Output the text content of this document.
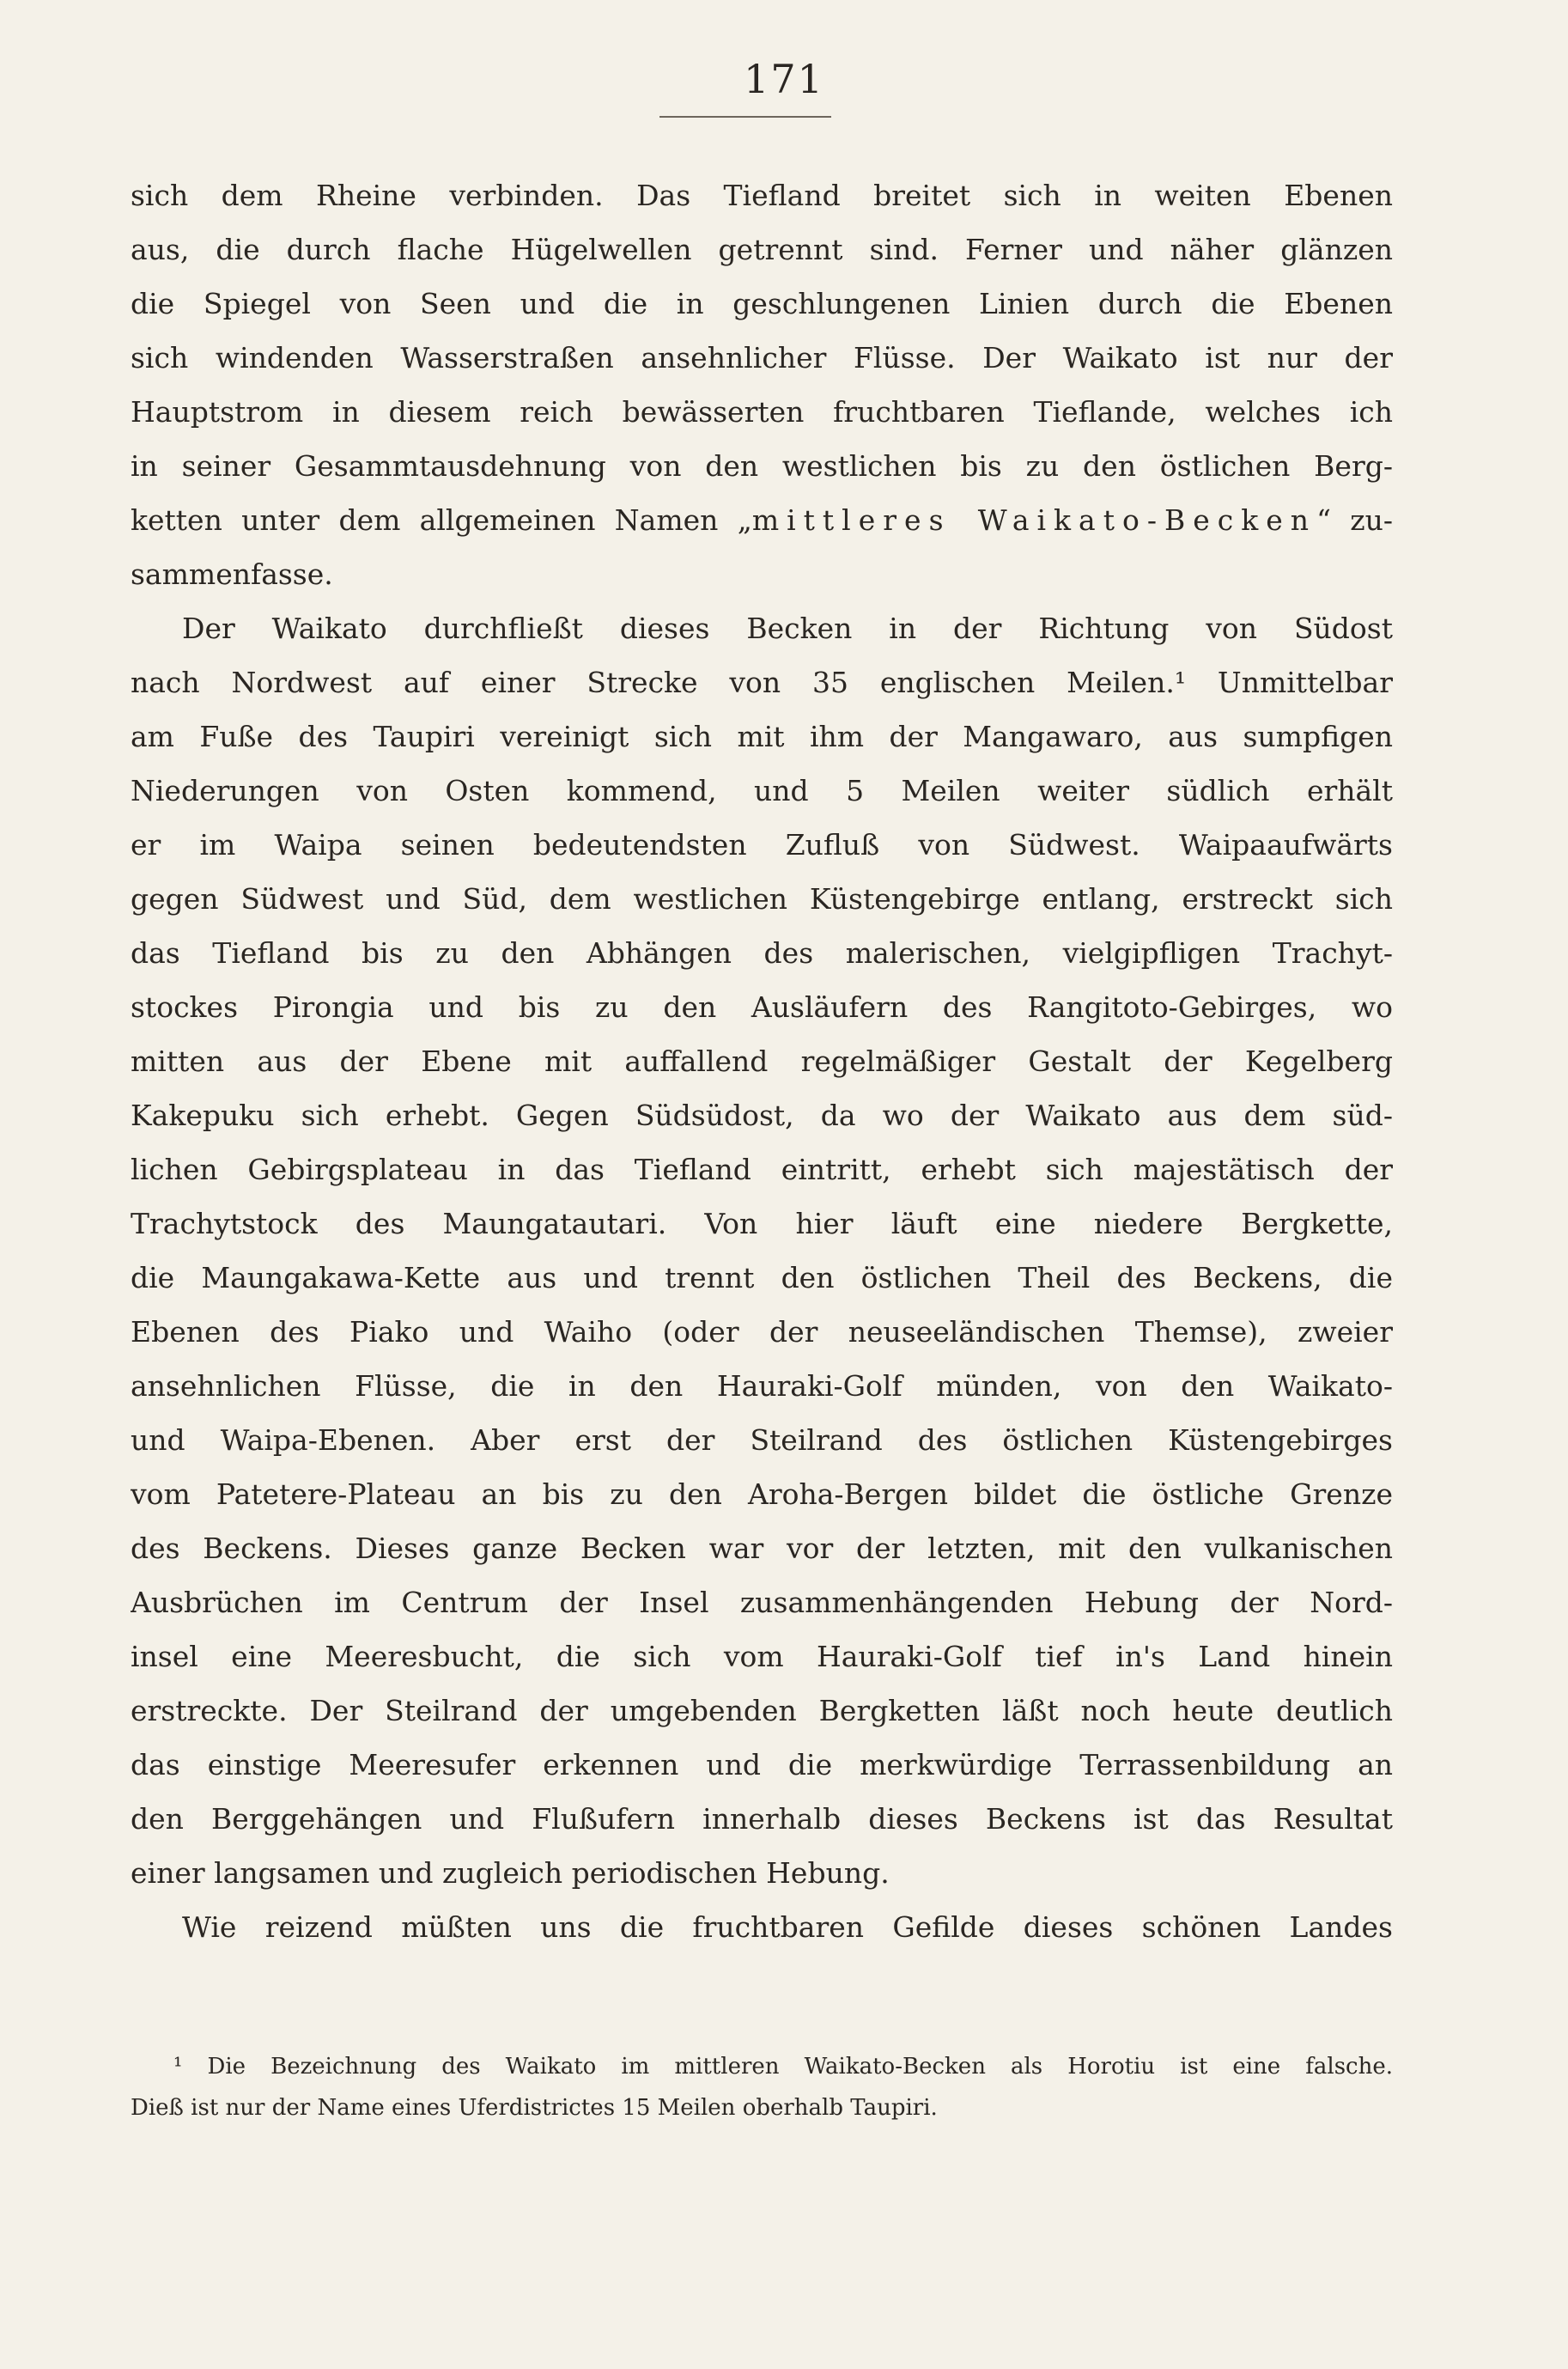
171
sich dem Rheine verbinden. Das Tiefland breitet sich in weiten Ebenen
aus, die durch flache Hügelwellen getrennt sind. Ferner und näher glänzen
die Spiegel von Seen und die in geschlungenen Linien durch die Ebenen
sich windenden Wasserstraßen ansehnlicher Flüsse. Der Waikato ist nur der
Hauptstrom in diesem reich bewässerten fruchtbaren Tieflande, welches ich
in seiner Gesammtausdehnung von den westlichen bis zu den östlichen Berg-
ketten unter dem allgemeinen Namen „mittleres Waikato-Becken“ zu-
sammenfasse.
Der Waikato durchfließt dieses Becken in der Richtung von Südost
nach Nordwest auf einer Strecke von 35 englischen Meilen.¹ Unmittelbar
am Fuße des Taupiri vereinigt sich mit ihm der Mangawaro, aus sumpfigen
Niederungen von Osten kommend, und 5 Meilen weiter südlich erhält
er im Waipa seinen bedeutendsten Zufluß von Südwest. Waipaaufwärts
gegen Südwest und Süd, dem westlichen Küstengebirge entlang, erstreckt sich
das Tiefland bis zu den Abhängen des malerischen, vielgipfligen Trachyt-
stockes Pirongia und bis zu den Ausläufern des Rangitoto-Gebirges, wo
mitten aus der Ebene mit auffallend regelmäßiger Gestalt der Kegelberg
Kakepuku sich erhebt. Gegen Südsüdost, da wo der Waikato aus dem süd-
lichen Gebirgsplateau in das Tiefland eintritt, erhebt sich majestätisch der
Trachytstock des Maungatautari. Von hier läuft eine niedere Bergkette,
die Maungakawa-Kette aus und trennt den östlichen Theil des Beckens, die
Ebenen des Piako und Waiho (oder der neuseeländischen Themse), zweier
ansehnlichen Flüsse, die in den Hauraki-Golf münden, von den Waikato-
und Waipa-Ebenen. Aber erst der Steilrand des östlichen Küstengebirges
vom Patetere-Plateau an bis zu den Aroha-Bergen bildet die östliche Grenze
des Beckens. Dieses ganze Becken war vor der letzten, mit den vulkanischen
Ausbrüchen im Centrum der Insel zusammenhängenden Hebung der Nord-
insel eine Meeresbucht, die sich vom Hauraki-Golf tief in's Land hinein
erstreckte. Der Steilrand der umgebenden Bergketten läßt noch heute deutlich
das einstige Meeresufer erkennen und die merkwürdige Terrassenbildung an
den Berggehängen und Flußufern innerhalb dieses Beckens ist das Resultat
einer langsamen und zugleich periodischen Hebung.
Wie reizend müßten uns die fruchtbaren Gefilde dieses schönen Landes
¹ Die Bezeichnung des Waikato im mittleren Waikato-Becken als Horotiu ist eine falsche.
Dieß ist nur der Name eines Uferdistrictes 15 Meilen oberhalb Taupiri.
